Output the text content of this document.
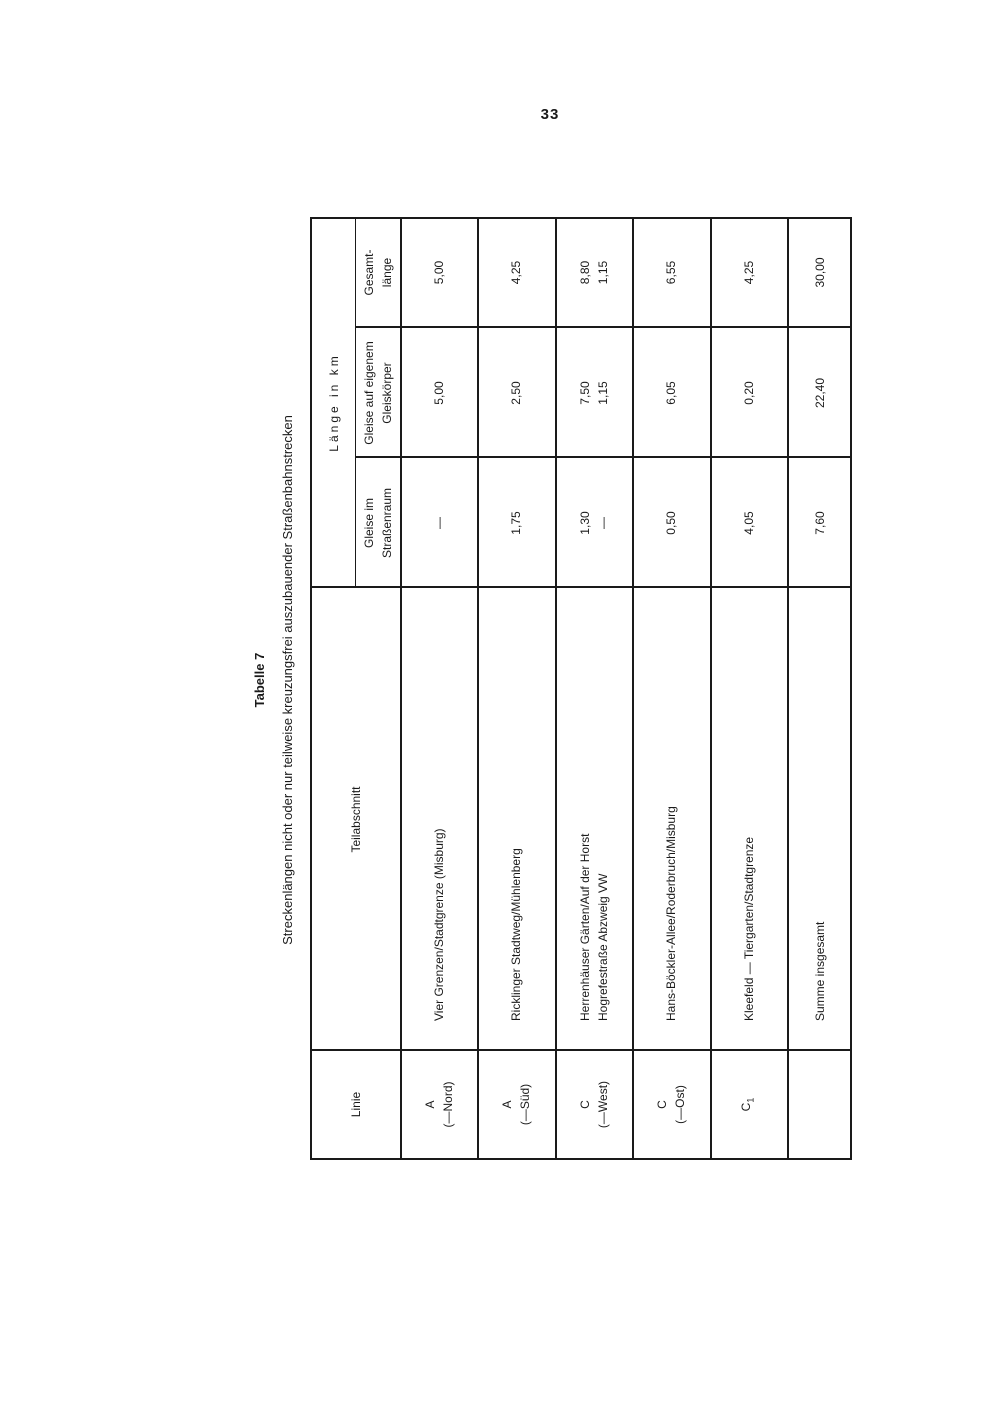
33
Tabelle 7 Streckenlängen nicht oder nur teilweise kreuzungsfrei auszubauender Straßenbahnstrecken
Linie
Teilabschnitt
Länge in km
Gleise im Straßenraum
Gleise auf eigenem Gleiskörper
Gesamt- länge
A (—Nord)
Vier Grenzen/Stadtgrenze (Misburg)
—
5,00
5,00
A (—Süd)
Ricklinger Stadtweg/Mühlenberg
1,75
2,50
4,25
C (—West)
Herrenhäuser Gärten/Auf der Horst Hogrefestraße Abzweig VW
1,30 —
7,50 1,15
8,80 1,15
C (—Ost)
Hans-Böckler-Allee/Roderbruch/Misburg
0,50
6,05
6,55
$C_1$
Kleefeld — Tiergarten/Stadtgrenze
4,05
0,20
4,25
Summe insgesamt
7,60
22,40
30,00
